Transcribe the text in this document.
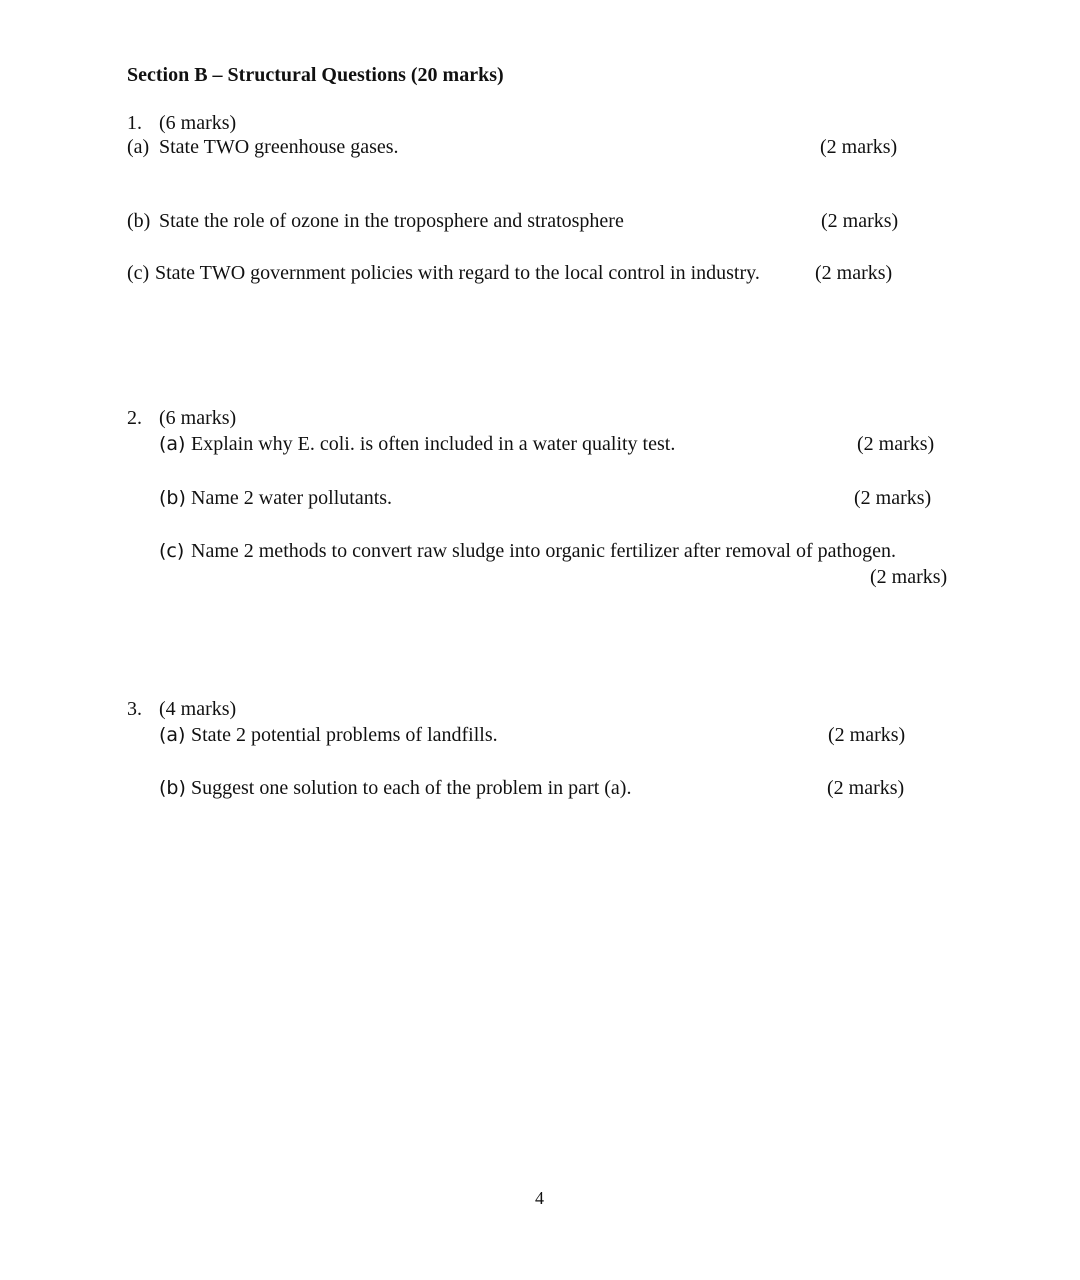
Section B – Structural Questions (20 marks)
1. (6 marks)
(a) State TWO greenhouse gases.	(2 marks)
(b) State the role of ozone in the troposphere and stratosphere	(2 marks)
(c) State TWO government policies with regard to the local control in industry.	(2 marks)
2. (6 marks)
(a) Explain why E. coli. is often included in a water quality test.	(2 marks)
(b) Name 2 water pollutants.	(2 marks)
(c) Name 2 methods to convert raw sludge into organic fertilizer after removal of pathogen.
(2 marks)
3. (4 marks)
(a) State 2 potential problems of landfills.	(2 marks)
(b) Suggest one solution to each of the problem in part (a).	(2 marks)
4
